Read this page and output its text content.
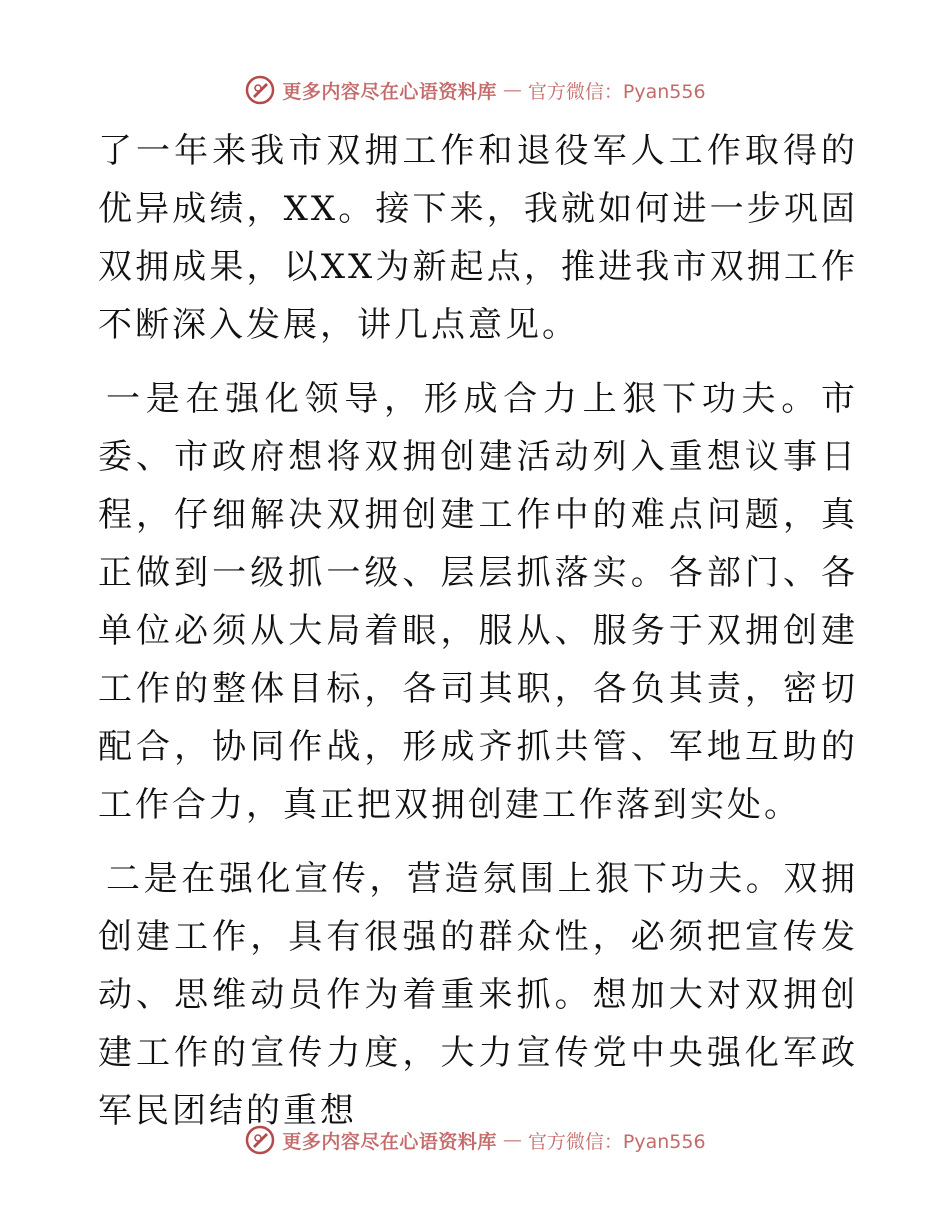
更多内容尽在心语资料库 — 官方微信：Pyan556

了一年来我市双拥工作和退役军人工作取得的优异成绩，XX。接下来，我就如何进一步巩固双拥成果，以XX为新起点，推进我市双拥工作不断深入发展，讲几点意见。

一是在强化领导，形成合力上狠下功夫。市委、市政府想将双拥创建活动列入重想议事日程，仔细解决双拥创建工作中的难点问题，真正做到一级抓一级、层层抓落实。各部门、各单位必须从大局着眼，服从、服务于双拥创建工作的整体目标，各司其职，各负其责，密切配合，协同作战，形成齐抓共管、军地互助的工作合力，真正把双拥创建工作落到实处。

二是在强化宣传，营造氛围上狠下功夫。双拥创建工作，具有很强的群众性，必须把宣传发动、思维动员作为着重来抓。想加大对双拥创建工作的宣传力度，大力宣传党中央强化军政军民团结的重想

更多内容尽在心语资料库 — 官方微信：Pyan556
